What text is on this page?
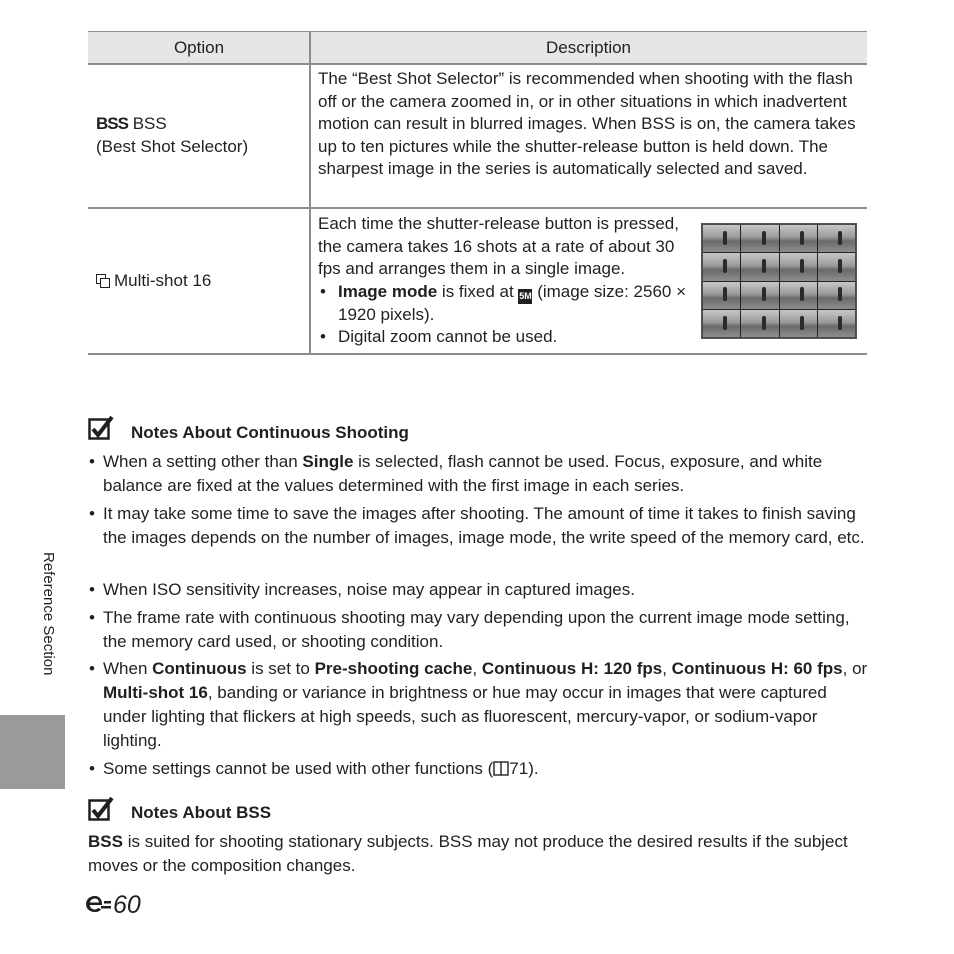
Option	Description
BSS BSS
(Best Shot Selector)
The “Best Shot Selector” is recommended when shooting with the flash off or the camera zoomed in, or in other situations in which inadvertent motion can result in blurred images. When BSS is on, the camera takes up to ten pictures while the shutter-release button is held down. The sharpest image in the series is automatically selected and saved.
Multi-shot 16
Each time the shutter-release button is pressed, the camera takes 16 shots at a rate of about 30 fps and arranges them in a single image.
• Image mode is fixed at 5M (image size: 2560 × 1920 pixels).
• Digital zoom cannot be used.
Notes About Continuous Shooting
• When a setting other than Single is selected, flash cannot be used. Focus, exposure, and white balance are fixed at the values determined with the first image in each series.
• It may take some time to save the images after shooting. The amount of time it takes to finish saving the images depends on the number of images, image mode, the write speed of the memory card, etc.
• When ISO sensitivity increases, noise may appear in captured images.
• The frame rate with continuous shooting may vary depending upon the current image mode setting, the memory card used, or shooting condition.
• When Continuous is set to Pre-shooting cache, Continuous H: 120 fps, Continuous H: 60 fps, or Multi-shot 16, banding or variance in brightness or hue may occur in images that were captured under lighting that flickers at high speeds, such as fluorescent, mercury-vapor, or sodium-vapor lighting.
• Some settings cannot be used with other functions ( 71).
Notes About BSS
BSS is suited for shooting stationary subjects. BSS may not produce the desired results if the subject moves or the composition changes.
Reference Section
60
